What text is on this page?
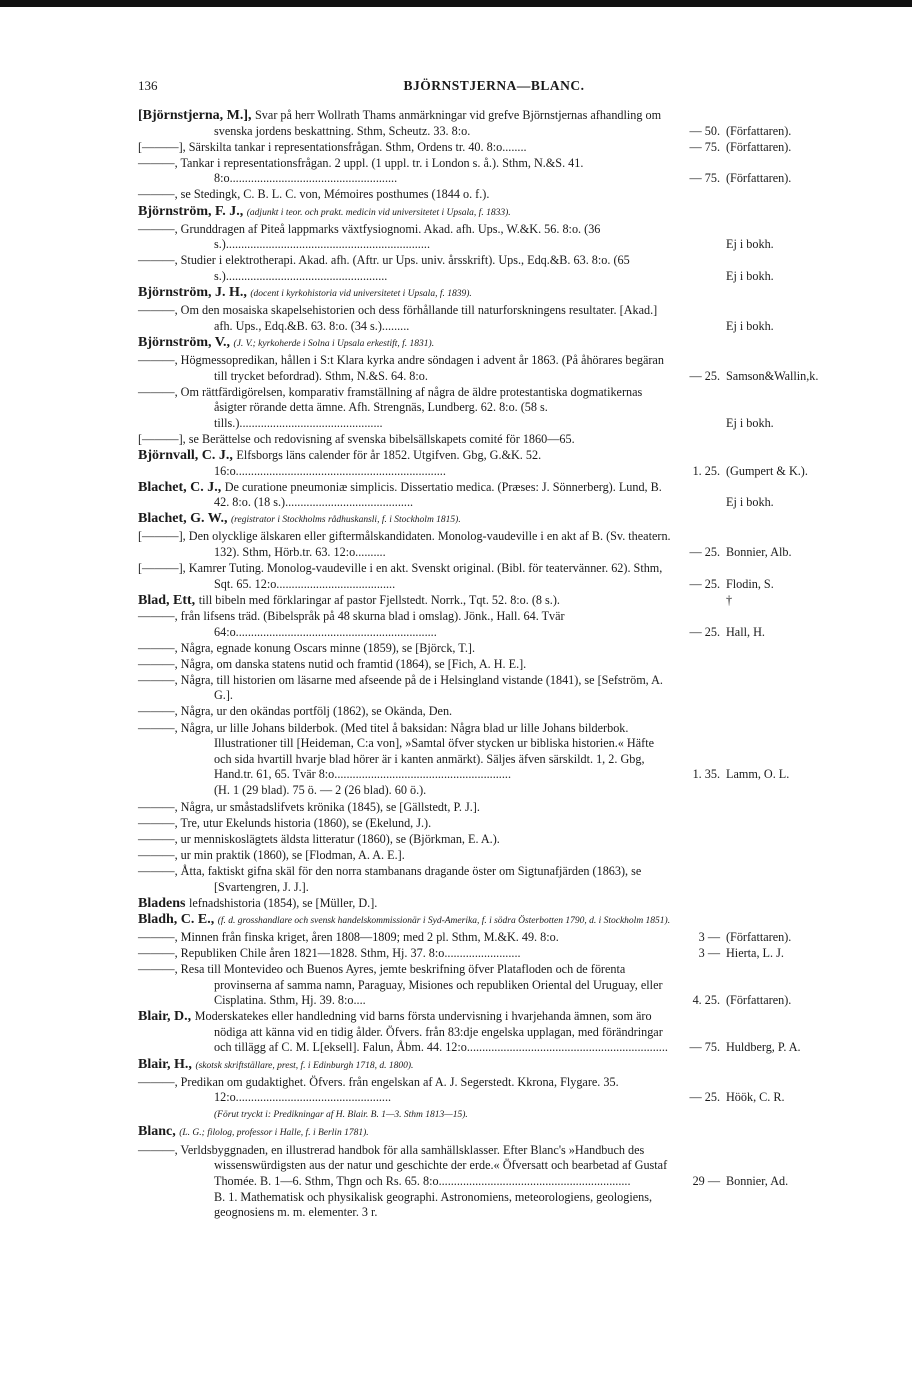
136	BJÖRNSTJERNA—BLANC.
[Björnstjerna, M.], Svar på herr Wollrath Thams anmärkningar vid grefve Björnstjernas afhandling om svenska jordens beskattning. Sthm, Scheutz. 33. 8:o.	— 50. (Författaren).
[———], Särskilta tankar i representationsfrågan. Sthm, Ordens tr. 40. 8:o........	— 75. (Författaren).
———, Tankar i representationsfrågan. 2 uppl. (1 uppl. tr. i London s. å.). Sthm, N.&S. 41. 8:o.......................................................	— 75. (Författaren).
———, se Stedingk, C. B. L. C. von, Mémoires posthumes (1844 o. f.).
Björnström, F. J., (adjunkt i teor. och prakt. medicin vid universitetet i Upsala, f. 1833).
———, Grunddragen af Piteå lappmarks växtfysiognomi. Akad. afh. Ups., W.&K. 56. 8:o. (36 s.)...................................................................	Ej i bokh.
———, Studier i elektrotherapi. Akad. afh. (Aftr. ur Ups. univ. årsskrift). Ups., Edq.&B. 63. 8:o. (65 s.).....................................................	Ej i bokh.
Björnström, J. H., (docent i kyrkohistoria vid universitetet i Upsala, f. 1839).
———, Om den mosaiska skapelsehistorien och dess förhållande till naturforskningens resultater. [Akad.] afh. Ups., Edq.&B. 63. 8:o. (34 s.).........	Ej i bokh.
Björnström, V., (J. V.; kyrkoherde i Solna i Upsala erkestift, f. 1831).
———, Högmessopredikan, hållen i S:t Klara kyrka andre söndagen i advent år 1863. (På åhörares begäran till trycket befordrad). Sthm, N.&S. 64. 8:o.	— 25. Samson&Wallin,k.
———, Om rättfärdigörelsen, komparativ framställning af några de äldre protestantiska dogmatikernas åsigter rörande detta ämne. Afh. Strengnäs, Lundberg. 62. 8:o. (58 s. tills.)...............................................	Ej i bokh.
[———], se Berättelse och redovisning af svenska bibelsällskapets comité för 1860—65.
Björnvall, C. J., Elfsborgs läns calender för år 1852. Utgifven. Gbg, G.&K. 52. 16:o.....................................................................	1. 25. (Gumpert & K.).
Blachet, C. J., De curatione pneumoniæ simplicis. Dissertatio medica. (Præses: J. Sönnerberg). Lund, B. 42. 8:o. (18 s.)..........................................	Ej i bokh.
Blachet, G. W., (registrator i Stockholms rådhuskansli, f. i Stockholm 1815).
[———], Den olycklige älskaren eller giftermålskandidaten. Monolog-vaudeville i en akt af B. (Sv. theatern. 132). Sthm, Hörb.tr. 63. 12:o..........	— 25. Bonnier, Alb.
[———], Kamrer Tuting. Monolog-vaudeville i en akt. Svenskt original. (Bibl. för teatervänner. 62). Sthm, Sqt. 65. 12:o.......................................	— 25. Flodin, S.
Blad, Ett, till bibeln med förklaringar af pastor Fjellstedt. Norrk., Tqt. 52. 8:o. (8 s.).	†
———, från lifsens träd. (Bibelspråk på 48 skurna blad i omslag). Jönk., Hall. 64. Tvär 64:o..................................................................	— 25. Hall, H.
———, Några, egnade konung Oscars minne (1859), se [Björck, T.].
———, Några, om danska statens nutid och framtid (1864), se [Fich, A. H. E.].
———, Några, till historien om läsarne med afseende på de i Helsingland vistande (1841), se [Sefström, A. G.].
———, Några, ur den okändas portfölj (1862), se Okända, Den.
———, Några, ur lille Johans bilderbok. (Med titel å baksidan: Några blad ur lille Johans bilderbok. Illustrationer till [Heideman, C:a von], »Samtal öfver stycken ur bibliska historien.« Häfte och sida hvartill hvarje blad hörer är i kanten anmärkt). Säljes äfven särskildt. 1, 2. Gbg, Hand.tr. 61, 65. Tvär 8:o..........................................................	1. 35. Lamm, O. L.
(H. 1 (29 blad). 75 ö. — 2 (26 blad). 60 ö.).
———, Några, ur småstadslifvets krönika (1845), se [Gällstedt, P. J.].
———, Tre, utur Ekelunds historia (1860), se (Ekelund, J.).
———, ur menniskoslägtets äldsta litteratur (1860), se (Björkman, E. A.).
———, ur min praktik (1860), se [Flodman, A. A. E.].
———, Åtta, faktiskt gifna skäl för den norra stambanans dragande öster om Sigtunafjärden (1863), se [Svartengren, J. J.].
Bladens lefnadshistoria (1854), se [Müller, D.].
Bladh, C. E., (f. d. grosshandlare och svensk handelskommissionär i Syd-Amerika, f. i södra Österbotten 1790, d. i Stockholm 1851).
———, Minnen från finska kriget, åren 1808—1809; med 2 pl. Sthm, M.&K. 49. 8:o.	3 — (Författaren).
———, Republiken Chile åren 1821—1828. Sthm, Hj. 37. 8:o.........................	3 — Hierta, L. J.
———, Resa till Montevideo och Buenos Ayres, jemte beskrifning öfver Platafloden och de förenta provinserna af samma namn, Paraguay, Misiones och republiken Oriental del Uruguay, eller Cisplatina. Sthm, Hj. 39. 8:o....	4. 25. (Författaren).
Blair, D., Moderskatekes eller handledning vid barns första undervisning i hvarjehanda ämnen, som äro nödiga att känna vid en tidig ålder. Öfvers. från 83:dje engelska upplagan, med förändringar och tillägg af C. M. L[eksell]. Falun, Åbm. 44. 12:o..................................................................	— 75. Huldberg, P. A.
Blair, H., (skotsk skriftställare, prest, f. i Edinburgh 1718, d. 1800).
———, Predikan om gudaktighet. Öfvers. från engelskan af A. J. Segerstedt. Kkrona, Flygare. 35. 12:o...................................................	— 25. Höök, C. R.
(Förut tryckt i: Predikningar af H. Blair. B. 1—3. Sthm 1813—15).
Blanc, (L. G.; filolog, professor i Halle, f. i Berlin 1781).
———, Verldsbyggnaden, en illustrerad handbok för alla samhällsklasser. Efter Blanc's »Handbuch des wissenswürdigsten aus der natur und geschichte der erde.« Öfversatt och bearbetad af Gustaf Thomée. B. 1—6. Sthm, Thgn och Rs. 65. 8:o...............................................................	29 — Bonnier, Ad.
B. 1. Mathematisk och physikalisk geographi. Astronomiens, meteorologiens, geologiens, geognosiens m. m. elementer. 3 r.
